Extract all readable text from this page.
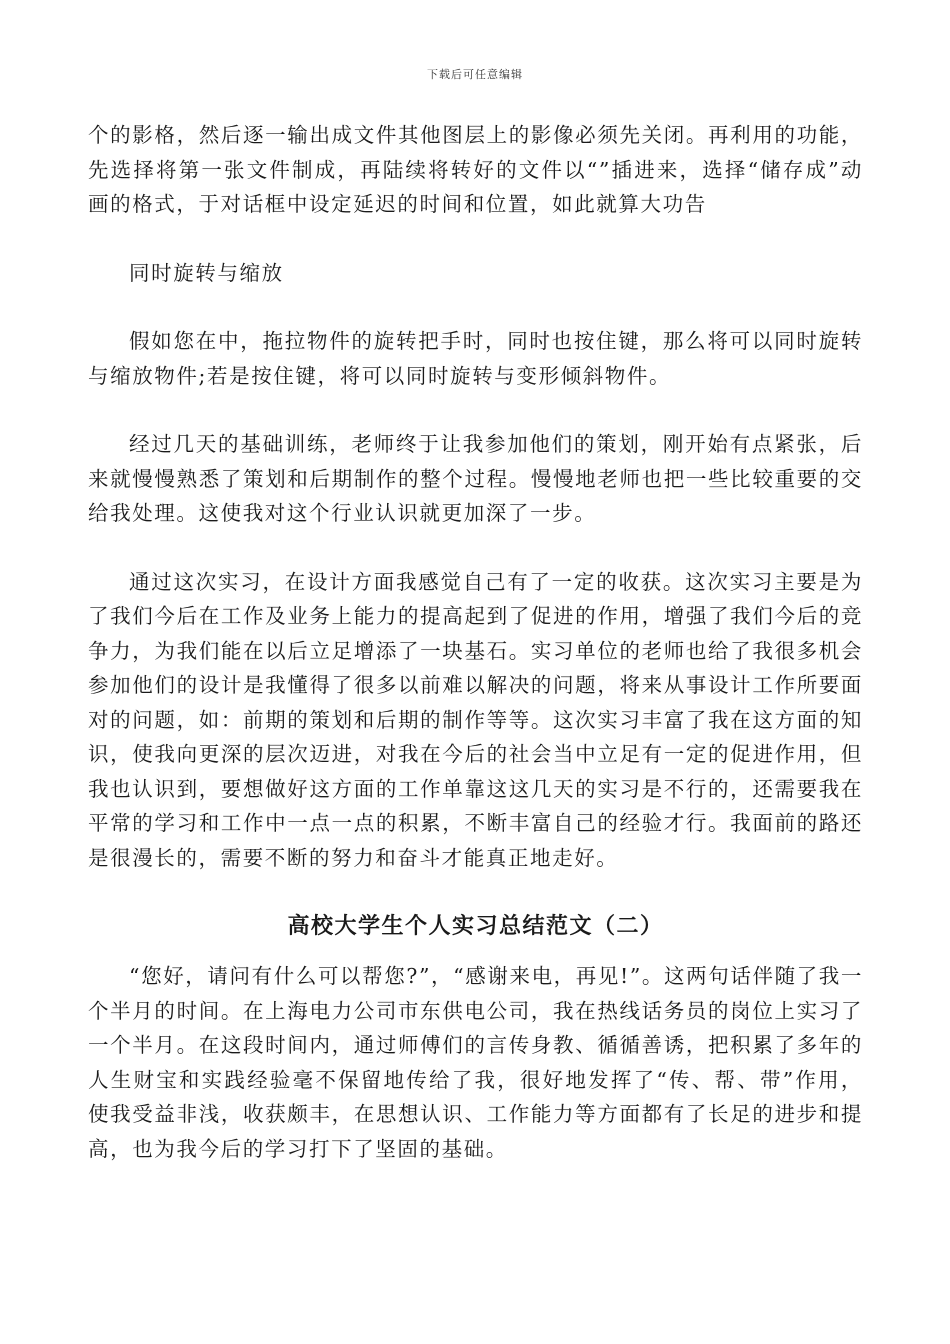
下载后可任意编辑

个的影格，然后逐一输出成文件其他图层上的影像必须先关闭。再利用的功能，先选择将第一张文件制成，再陆续将转好的文件以“”插进来，选择“储存成”动画的格式，于对话框中设定延迟的时间和位置，如此就算大功告

同时旋转与缩放

假如您在中，拖拉物件的旋转把手时，同时也按住键，那么将可以同时旋转与缩放物件;若是按住键，将可以同时旋转与变形倾斜物件。

经过几天的基础训练，老师终于让我参加他们的策划，刚开始有点紧张，后来就慢慢熟悉了策划和后期制作的整个过程。慢慢地老师也把一些比较重要的交给我处理。这使我对这个行业认识就更加深了一步。

通过这次实习，在设计方面我感觉自己有了一定的收获。这次实习主要是为了我们今后在工作及业务上能力的提高起到了促进的作用，增强了我们今后的竞争力，为我们能在以后立足增添了一块基石。实习单位的老师也给了我很多机会参加他们的设计是我懂得了很多以前难以解决的问题，将来从事设计工作所要面对的问题，如：前期的策划和后期的制作等等。这次实习丰富了我在这方面的知识，使我向更深的层次迈进，对我在今后的社会当中立足有一定的促进作用，但我也认识到，要想做好这方面的工作单靠这这几天的实习是不行的，还需要我在平常的学习和工作中一点一点的积累，不断丰富自己的经验才行。我面前的路还是很漫长的，需要不断的努力和奋斗才能真正地走好。

高校大学生个人实习总结范文（二）

“您好，请问有什么可以帮您?”，“感谢来电，再见!”。这两句话伴随了我一个半月的时间。在上海电力公司市东供电公司，我在热线话务员的岗位上实习了一个半月。在这段时间内，通过师傅们的言传身教、循循善诱，把积累了多年的人生财宝和实践经验毫不保留地传给了我，很好地发挥了“传、帮、带”作用，使我受益非浅，收获颇丰，在思想认识、工作能力等方面都有了长足的进步和提高，也为我今后的学习打下了坚固的基础。
